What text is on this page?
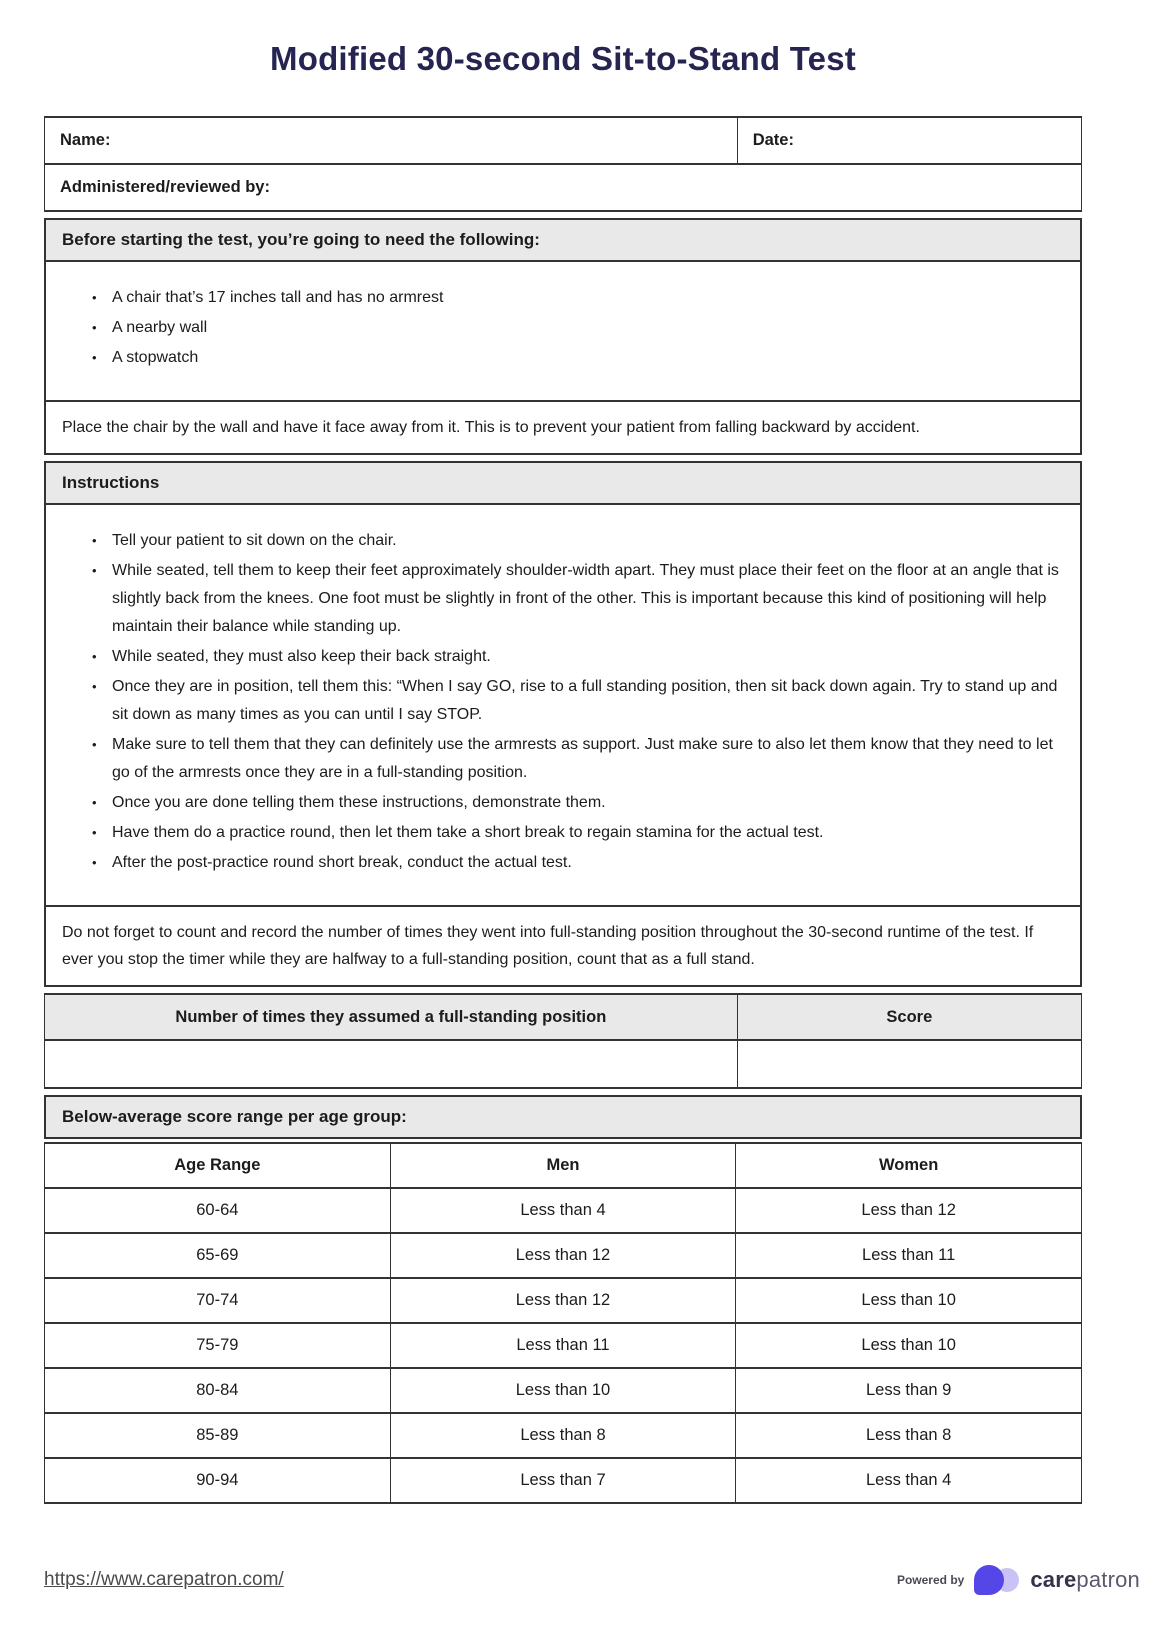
Modified 30-second Sit-to-Stand Test
Name:	Date:
Administered/reviewed by:
Before starting the test, you’re going to need the following:
• A chair that’s 17 inches tall and has no armrest
• A nearby wall
• A stopwatch
Place the chair by the wall and have it face away from it. This is to prevent your patient from falling backward by accident.
Instructions
• Tell your patient to sit down on the chair.
• While seated, tell them to keep their feet approximately shoulder-width apart. They must place their feet on the floor at an angle that is slightly back from the knees. One foot must be slightly in front of the other. This is important because this kind of positioning will help maintain their balance while standing up.
• While seated, they must also keep their back straight.
• Once they are in position, tell them this: “When I say GO, rise to a full standing position, then sit back down again. Try to stand up and sit down as many times as you can until I say STOP.
• Make sure to tell them that they can definitely use the armrests as support. Just make sure to also let them know that they need to let go of the armrests once they are in a full-standing position.
• Once you are done telling them these instructions, demonstrate them.
• Have them do a practice round, then let them take a short break to regain stamina for the actual test.
• After the post-practice round short break, conduct the actual test.
Do not forget to count and record the number of times they went into full-standing position throughout the 30-second runtime of the test. If ever you stop the timer while they are halfway to a full-standing position, count that as a full stand.
Number of times they assumed a full-standing position	Score

Below-average score range per age group:
Age Range	Men	Women
60-64	Less than 4	Less than 12
65-69	Less than 12	Less than 11
70-74	Less than 12	Less than 10
75-79	Less than 11	Less than 10
80-84	Less than 10	Less than 9
85-89	Less than 8	Less than 8
90-94	Less than 7	Less than 4
https://www.carepatron.com/	Powered by	carepatron
